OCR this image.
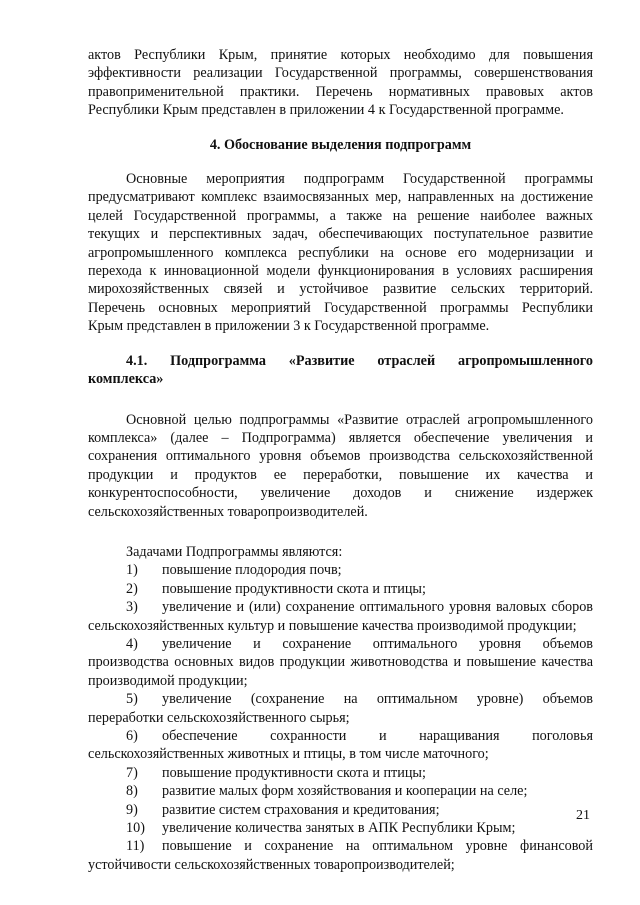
актов Республики Крым, принятие которых необходимо для повышения

эффективности реализации Государственной программы, совершенствования

правоприменительной практики. Перечень нормативных правовых актов

Республики Крым представлен в приложении 4 к Государственной программе.

4. Обоснование выделения подпрограмм

Основные мероприятия подпрограмм Государственной программы

предусматривают комплекс взаимосвязанных мер, направленных на достижение

целей Государственной программы, а также на решение наиболее важных

текущих и перспективных задач, обеспечивающих поступательное развитие

агропромышленного комплекса республики на основе его модернизации и

перехода к инновационной модели функционирования в условиях расширения

мирохозяйственных связей и устойчивое развитие сельских территорий.

Перечень основных мероприятий Государственной программы Республики

Крым представлен в приложении 3 к Государственной программе.

4.1. Подпрограмма «Развитие отраслей агропромышленного

комплекса»

Основной целью подпрограммы «Развитие отраслей агропромышленного

комплекса» (далее – Подпрограмма) является обеспечение увеличения и

сохранения оптимального уровня объемов производства сельскохозяйственной

продукции и продуктов ее переработки, повышение их качества и

конкурентоспособности, увеличение доходов и снижение издержек

сельскохозяйственных товаропроизводителей.

Задачами Подпрограммы являются:

1)	повышение плодородия почв;
2)	повышение продуктивности скота и птицы;
3)	увеличение и (или) сохранение оптимального уровня валовых сборов

сельскохозяйственных культур и повышение качества производимой продукции;

4)	увеличение и сохранение оптимального уровня объемов

производства основных видов продукции животноводства и повышение качества производимой продукции;

5)	увеличение (сохранение на оптимальном уровне) объемов

переработки сельскохозяйственного сырья;

6)	обеспечение сохранности и наращивания поголовья

сельскохозяйственных животных и птицы, в том числе маточного;

7)	повышение продуктивности скота и птицы;
8)	развитие малых форм хозяйствования и кооперации на селе;
9)	развитие систем страхования и кредитования;
10)	увеличение количества занятых в АПК Республики Крым;
11)	повышение и сохранение на оптимальном уровне финансовой

устойчивости сельскохозяйственных товаропроизводителей;

21
